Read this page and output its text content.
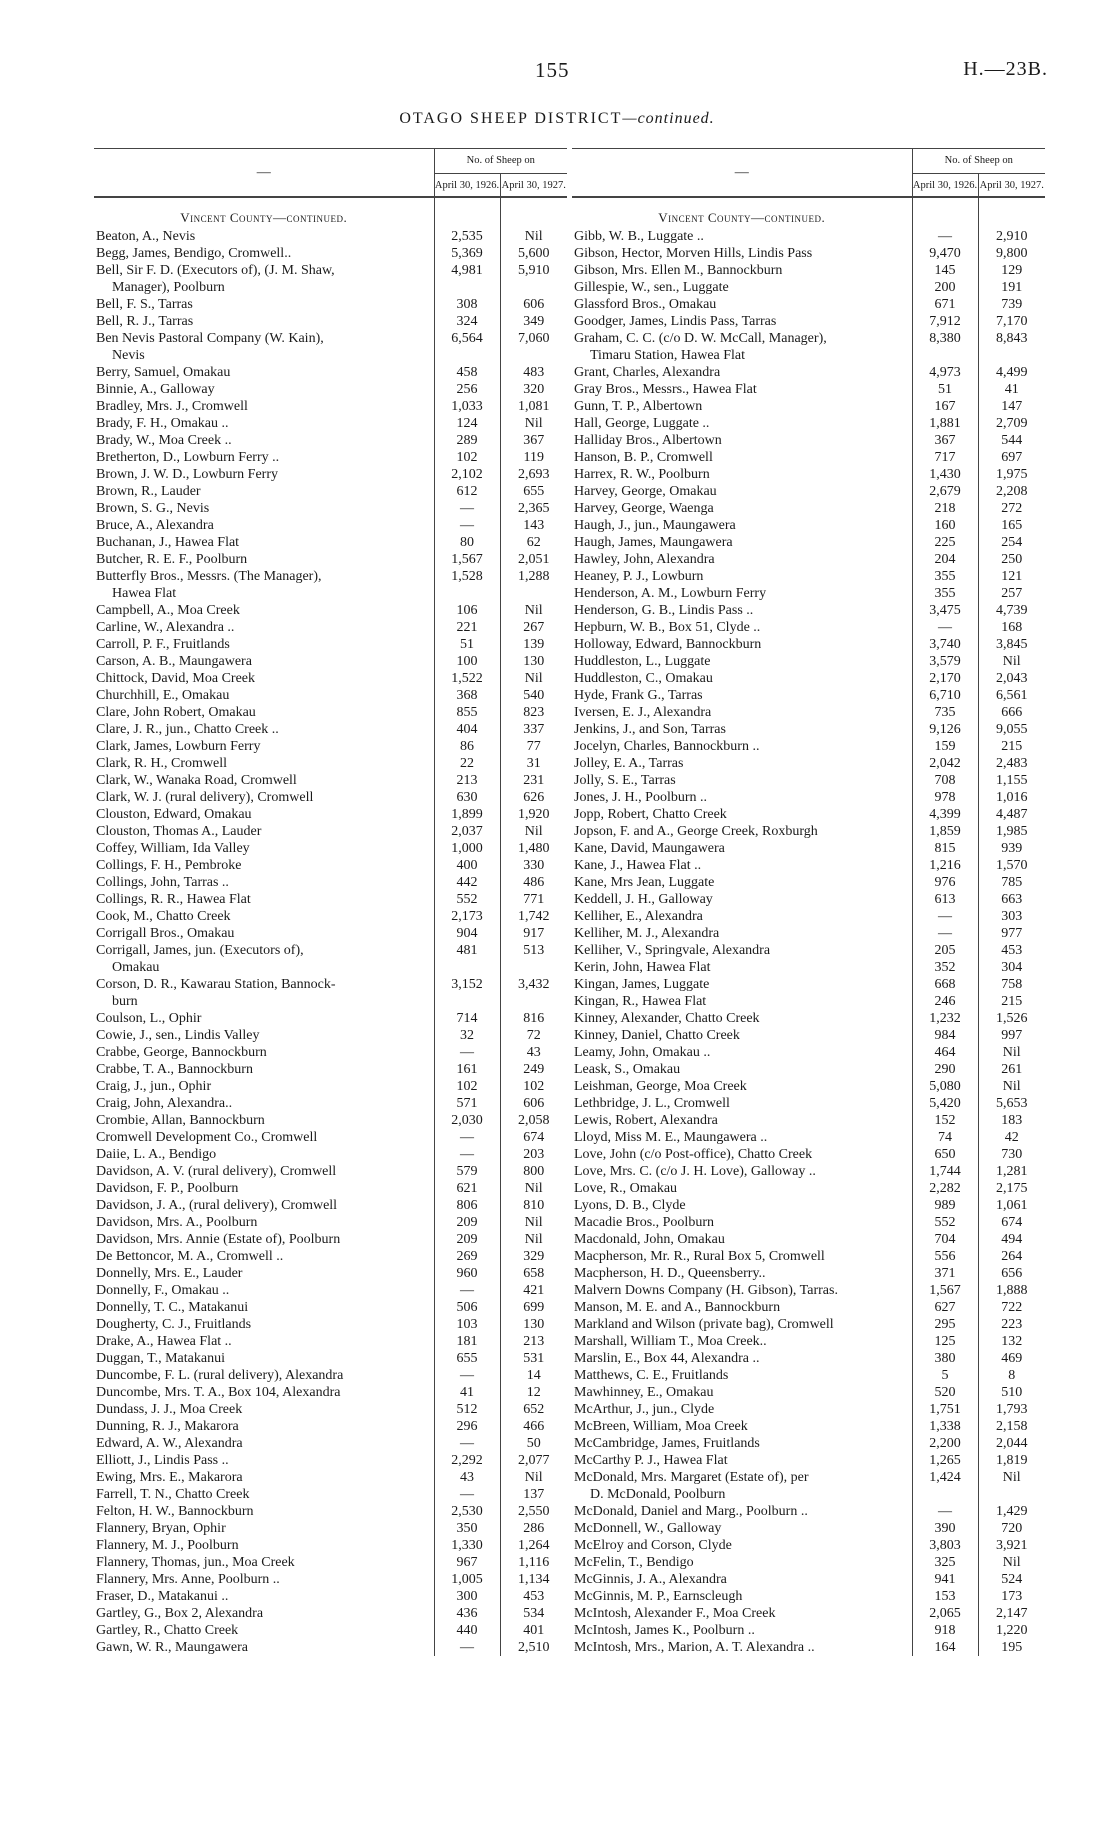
155	H.—23B.
OTAGO SHEEP DISTRICT—continued.
—	No. of Sheep on	
	April 30, 1926.	April 30, 1927.
Vincent County—continued.		

Beaton, A., Nevis	2,535	Nil

Begg, James, Bendigo, Cromwell..	5,369	5,600

Bell, Sir F. D. (Executors of), (J. M. Shaw,
Manager), Poolburn	4,981	5,910

Bell, F. S., Tarras	308	606

Bell, R. J., Tarras	324	349

Ben Nevis Pastoral Company (W. Kain),
Nevis	6,564	7,060

Berry, Samuel, Omakau	458	483

Binnie, A., Galloway	256	320

Bradley, Mrs. J., Cromwell	1,033	1,081

Brady, F. H., Omakau ..	124	Nil

Brady, W., Moa Creek ..	289	367

Bretherton, D., Lowburn Ferry ..	102	119

Brown, J. W. D., Lowburn Ferry	2,102	2,693

Brown, R., Lauder	612	655

Brown, S. G., Nevis	—	2,365

Bruce, A., Alexandra	—	143

Buchanan, J., Hawea Flat	80	62

Butcher, R. E. F., Poolburn	1,567	2,051

Butterfly Bros., Messrs. (The Manager),
Hawea Flat	1,528	1,288

Campbell, A., Moa Creek	106	Nil

Carline, W., Alexandra ..	221	267

Carroll, P. F., Fruitlands	51	139

Carson, A. B., Maungawera	100	130

Chittock, David, Moa Creek	1,522	Nil

Churchhill, E., Omakau	368	540

Clare, John Robert, Omakau	855	823

Clare, J. R., jun., Chatto Creek ..	404	337

Clark, James, Lowburn Ferry	86	77

Clark, R. H., Cromwell	22	31

Clark, W., Wanaka Road, Cromwell	213	231

Clark, W. J. (rural delivery), Cromwell	630	626

Clouston, Edward, Omakau	1,899	1,920

Clouston, Thomas A., Lauder	2,037	Nil

Coffey, William, Ida Valley	1,000	1,480

Collings, F. H., Pembroke	400	330

Collings, John, Tarras ..	442	486

Collings, R. R., Hawea Flat	552	771

Cook, M., Chatto Creek	2,173	1,742

Corrigall Bros., Omakau	904	917

Corrigall, James, jun. (Executors of),
Omakau	481	513

Corson, D. R., Kawarau Station, Bannock-
burn	3,152	3,432

Coulson, L., Ophir	714	816

Cowie, J., sen., Lindis Valley	32	72

Crabbe, George, Bannockburn	—	43

Crabbe, T. A., Bannockburn	161	249

Craig, J., jun., Ophir	102	102

Craig, John, Alexandra..	571	606

Crombie, Allan, Bannockburn	2,030	2,058

Cromwell Development Co., Cromwell	—	674

Daiie, L. A., Bendigo	—	203

Davidson, A. V. (rural delivery), Cromwell	579	800

Davidson, F. P., Poolburn	621	Nil

Davidson, J. A., (rural delivery), Cromwell	806	810

Davidson, Mrs. A., Poolburn	209	Nil

Davidson, Mrs. Annie (Estate of), Poolburn	209	Nil

De Bettoncor, M. A., Cromwell ..	269	329

Donnelly, Mrs. E., Lauder	960	658

Donnelly, F., Omakau ..	—	421

Donnelly, T. C., Matakanui	506	699

Dougherty, C. J., Fruitlands	103	130

Drake, A., Hawea Flat ..	181	213

Duggan, T., Matakanui	655	531

Duncombe, F. L. (rural delivery), Alexandra	—	14

Duncombe, Mrs. T. A., Box 104, Alexandra	41	12

Dundass, J. J., Moa Creek	512	652

Dunning, R. J., Makarora	296	466

Edward, A. W., Alexandra	—	50

Elliott, J., Lindis Pass ..	2,292	2,077

Ewing, Mrs. E., Makarora	43	Nil

Farrell, T. N., Chatto Creek	—	137

Felton, H. W., Bannockburn	2,530	2,550

Flannery, Bryan, Ophir	350	286

Flannery, M. J., Poolburn	1,330	1,264

Flannery, Thomas, jun., Moa Creek	967	1,116

Flannery, Mrs. Anne, Poolburn ..	1,005	1,134

Fraser, D., Matakanui ..	300	453

Gartley, G., Box 2, Alexandra	436	534

Gartley, R., Chatto Creek	440	401

Gawn, W. R., Maungawera	—	2,510
—	No. of Sheep on	
	April 30, 1926.	April 30, 1927.
Vincent County—continued.		

Gibb, W. B., Luggate ..	—	2,910

Gibson, Hector, Morven Hills, Lindis Pass	9,470	9,800

Gibson, Mrs. Ellen M., Bannockburn	145	129

Gillespie, W., sen., Luggate	200	191

Glassford Bros., Omakau	671	739

Goodger, James, Lindis Pass, Tarras	7,912	7,170

Graham, C. C. (c/o D. W. McCall, Manager),
Timaru Station, Hawea Flat	8,380	8,843

Grant, Charles, Alexandra	4,973	4,499

Gray Bros., Messrs., Hawea Flat	51	41

Gunn, T. P., Albertown	167	147

Hall, George, Luggate ..	1,881	2,709

Halliday Bros., Albertown	367	544

Hanson, B. P., Cromwell	717	697

Harrex, R. W., Poolburn	1,430	1,975

Harvey, George, Omakau	2,679	2,208

Harvey, George, Waenga	218	272

Haugh, J., jun., Maungawera	160	165

Haugh, James, Maungawera	225	254

Hawley, John, Alexandra	204	250

Heaney, P. J., Lowburn	355	121

Henderson, A. M., Lowburn Ferry	355	257

Henderson, G. B., Lindis Pass ..	3,475	4,739

Hepburn, W. B., Box 51, Clyde ..	—	168

Holloway, Edward, Bannockburn	3,740	3,845

Huddleston, L., Luggate	3,579	Nil

Huddleston, C., Omakau	2,170	2,043

Hyde, Frank G., Tarras	6,710	6,561

Iversen, E. J., Alexandra	735	666

Jenkins, J., and Son, Tarras	9,126	9,055

Jocelyn, Charles, Bannockburn ..	159	215

Jolley, E. A., Tarras	2,042	2,483

Jolly, S. E., Tarras	708	1,155

Jones, J. H., Poolburn ..	978	1,016

Jopp, Robert, Chatto Creek	4,399	4,487

Jopson, F. and A., George Creek, Roxburgh	1,859	1,985

Kane, David, Maungawera	815	939

Kane, J., Hawea Flat ..	1,216	1,570

Kane, Mrs Jean, Luggate	976	785

Keddell, J. H., Galloway	613	663

Kelliher, E., Alexandra	—	303

Kelliher, M. J., Alexandra	—	977

Kelliher, V., Springvale, Alexandra	205	453

Kerin, John, Hawea Flat	352	304

Kingan, James, Luggate	668	758

Kingan, R., Hawea Flat	246	215

Kinney, Alexander, Chatto Creek	1,232	1,526

Kinney, Daniel, Chatto Creek	984	997

Leamy, John, Omakau ..	464	Nil

Leask, S., Omakau	290	261

Leishman, George, Moa Creek	5,080	Nil

Lethbridge, J. L., Cromwell	5,420	5,653

Lewis, Robert, Alexandra	152	183

Lloyd, Miss M. E., Maungawera ..	74	42

Love, John (c/o Post-office), Chatto Creek	650	730

Love, Mrs. C. (c/o J. H. Love), Galloway ..	1,744	1,281

Love, R., Omakau	2,282	2,175

Lyons, D. B., Clyde	989	1,061

Macadie Bros., Poolburn	552	674

Macdonald, John, Omakau	704	494

Macpherson, Mr. R., Rural Box 5, Cromwell	556	264

Macpherson, H. D., Queensberry..	371	656

Malvern Downs Company (H. Gibson), Tarras.	1,567	1,888

Manson, M. E. and A., Bannockburn	627	722

Markland and Wilson (private bag), Cromwell	295	223

Marshall, William T., Moa Creek..	125	132

Marslin, E., Box 44, Alexandra ..	380	469

Matthews, C. E., Fruitlands	5	8

Mawhinney, E., Omakau	520	510

McArthur, J., jun., Clyde	1,751	1,793

McBreen, William, Moa Creek	1,338	2,158

McCambridge, James, Fruitlands	2,200	2,044

McCarthy P. J., Hawea Flat	1,265	1,819

McDonald, Mrs. Margaret (Estate of), per
D. McDonald, Poolburn	1,424	Nil

McDonald, Daniel and Marg., Poolburn ..	—	1,429

McDonnell, W., Galloway	390	720

McElroy and Corson, Clyde	3,803	3,921

McFelin, T., Bendigo	325	Nil

McGinnis, J. A., Alexandra	941	524

McGinnis, M. P., Earnscleugh	153	173

McIntosh, Alexander F., Moa Creek	2,065	2,147

McIntosh, James K., Poolburn ..	918	1,220

McIntosh, Mrs., Marion, A. T. Alexandra ..	164	195
